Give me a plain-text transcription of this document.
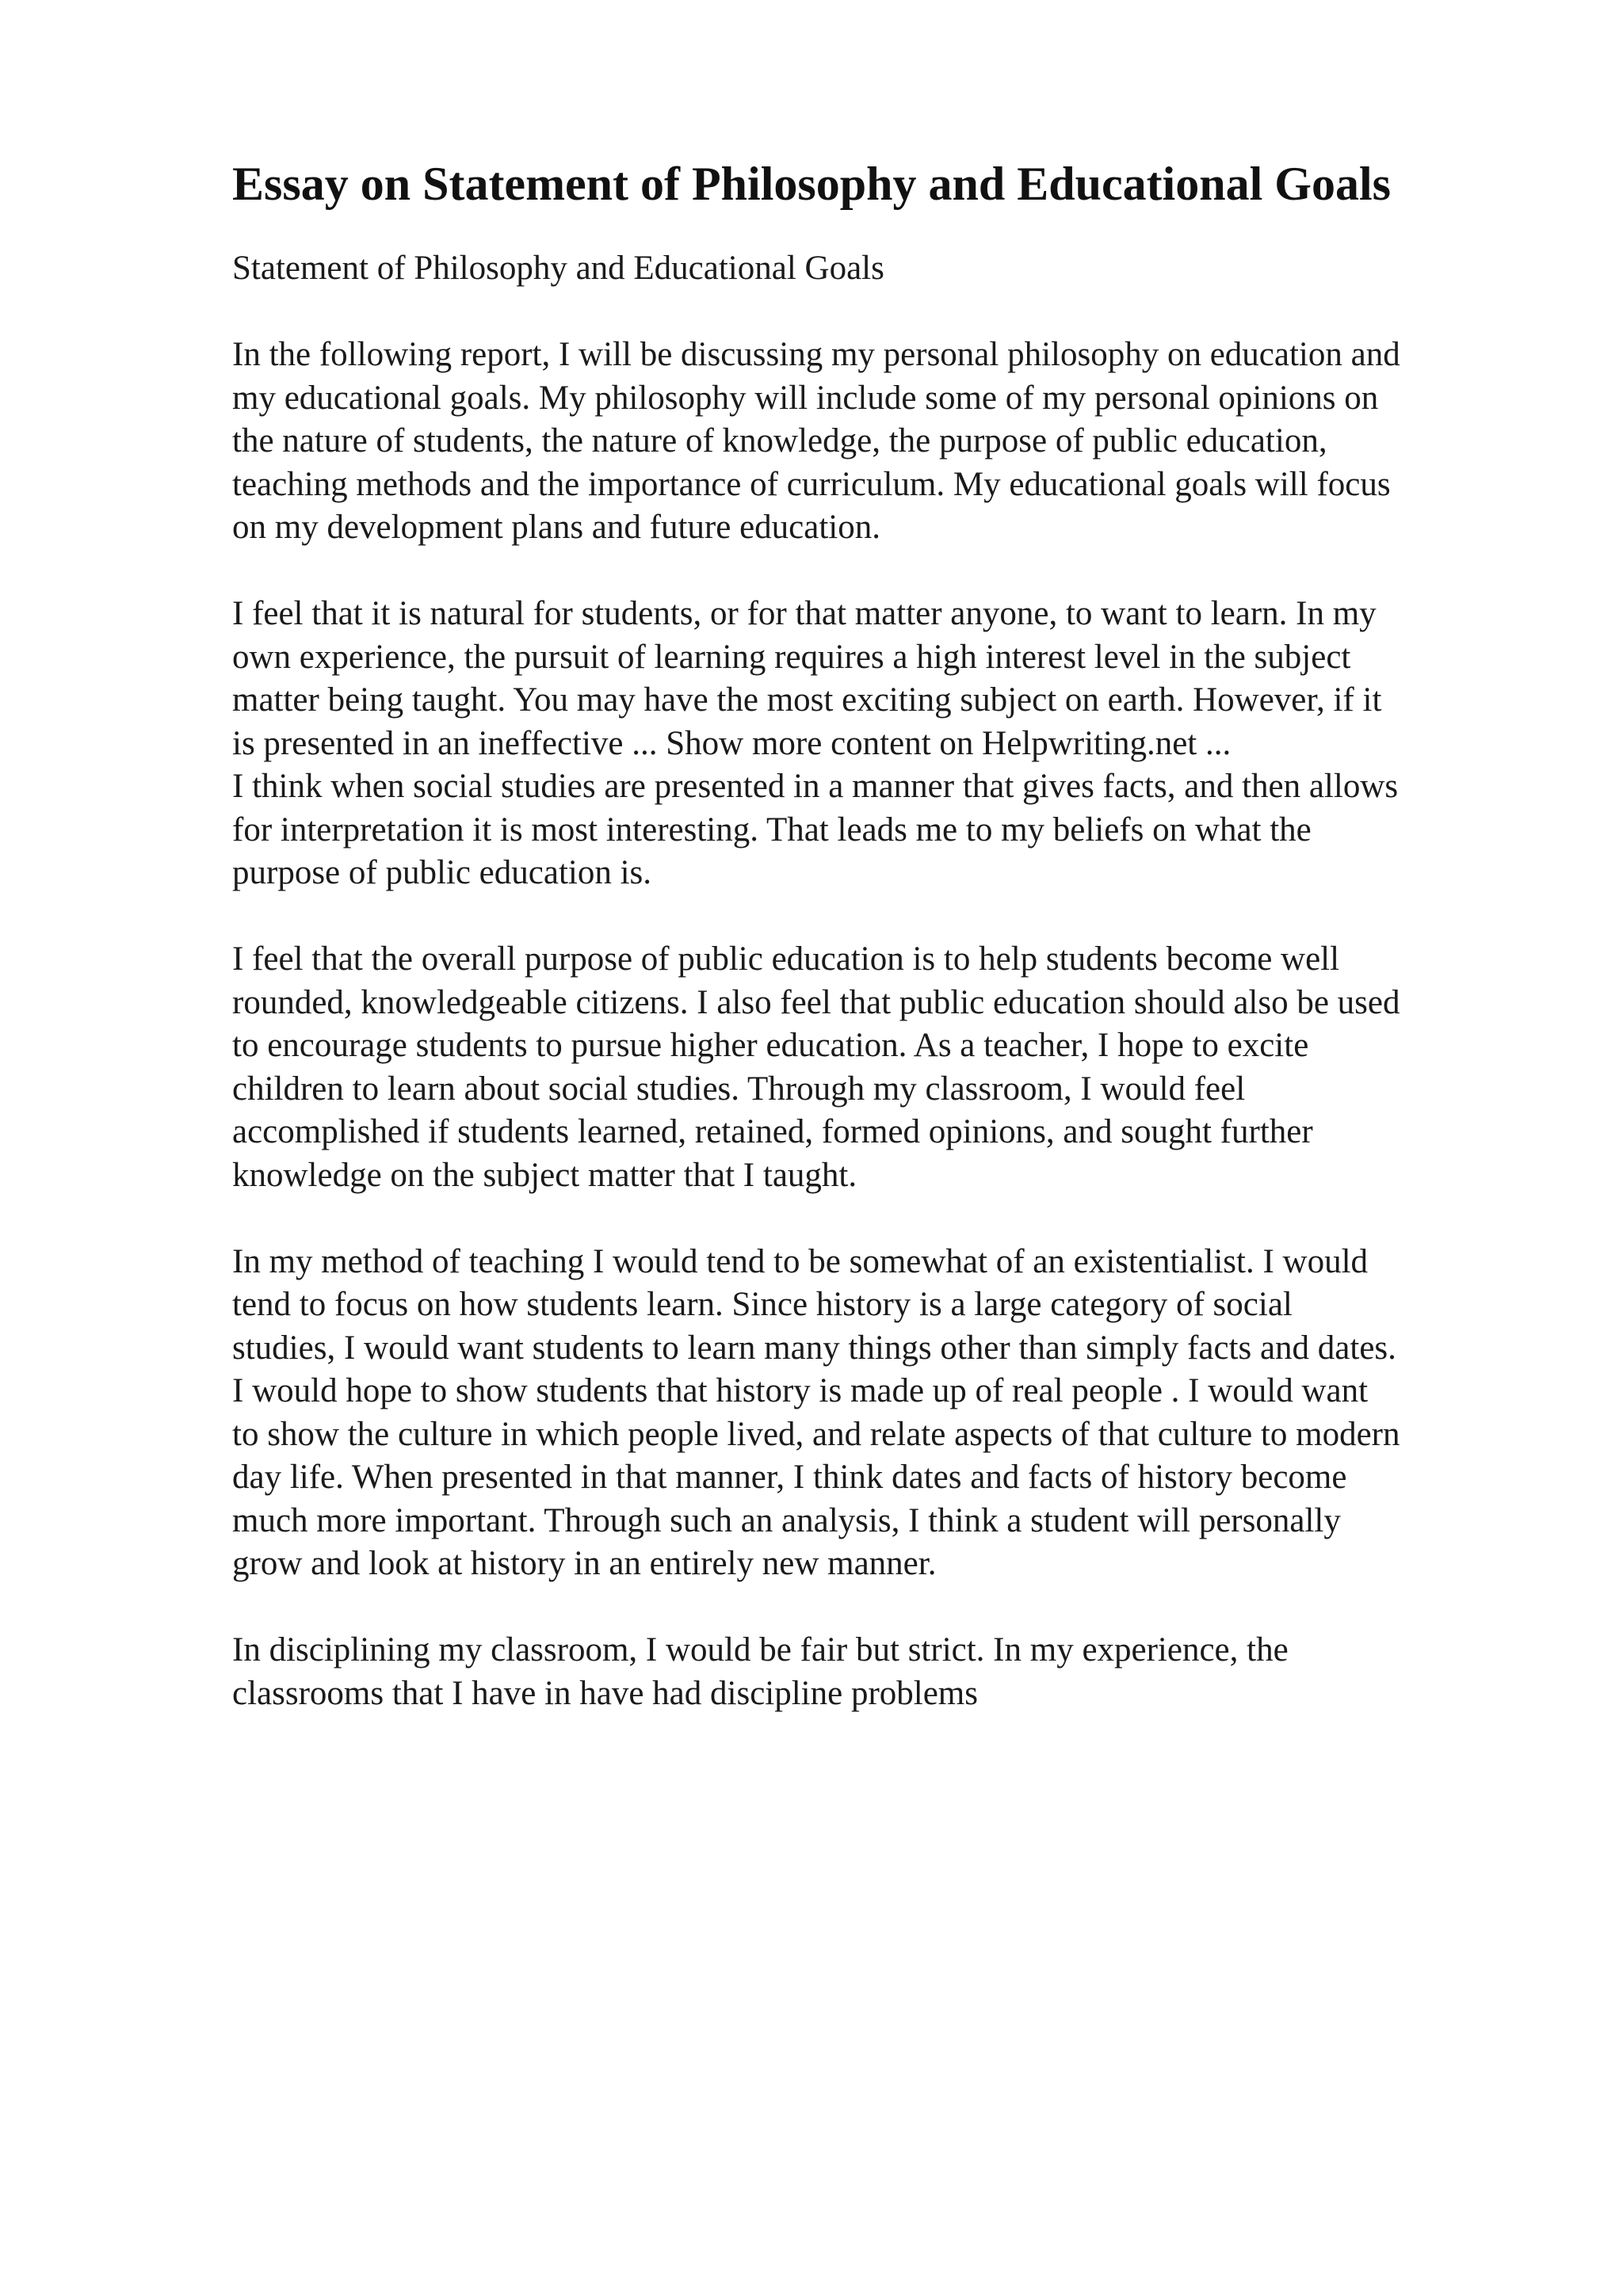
Essay on Statement of Philosophy and Educational Goals
Statement of Philosophy and Educational Goals
In the following report, I will be discussing my personal philosophy on education and
my educational goals. My philosophy will include some of my personal opinions on
the nature of students, the nature of knowledge, the purpose of public education,
teaching methods and the importance of curriculum. My educational goals will focus
on my development plans and future education.
I feel that it is natural for students, or for that matter anyone, to want to learn. In my
own experience, the pursuit of learning requires a high interest level in the subject
matter being taught. You may have the most exciting subject on earth. However, if it
is presented in an ineffective ... Show more content on Helpwriting.net ...
I think when social studies are presented in a manner that gives facts, and then allows
for interpretation it is most interesting. That leads me to my beliefs on what the
purpose of public education is.
I feel that the overall purpose of public education is to help students become well
rounded, knowledgeable citizens. I also feel that public education should also be used
to encourage students to pursue higher education. As a teacher, I hope to excite
children to learn about social studies. Through my classroom, I would feel
accomplished if students learned, retained, formed opinions, and sought further
knowledge on the subject matter that I taught.
In my method of teaching I would tend to be somewhat of an existentialist. I would
tend to focus on how students learn. Since history is a large category of social
studies, I would want students to learn many things other than simply facts and dates.
I would hope to show students that history is made up of real people . I would want
to show the culture in which people lived, and relate aspects of that culture to modern
day life. When presented in that manner, I think dates and facts of history become
much more important. Through such an analysis, I think a student will personally
grow and look at history in an entirely new manner.
In disciplining my classroom, I would be fair but strict. In my experience, the
classrooms that I have in have had discipline problems
